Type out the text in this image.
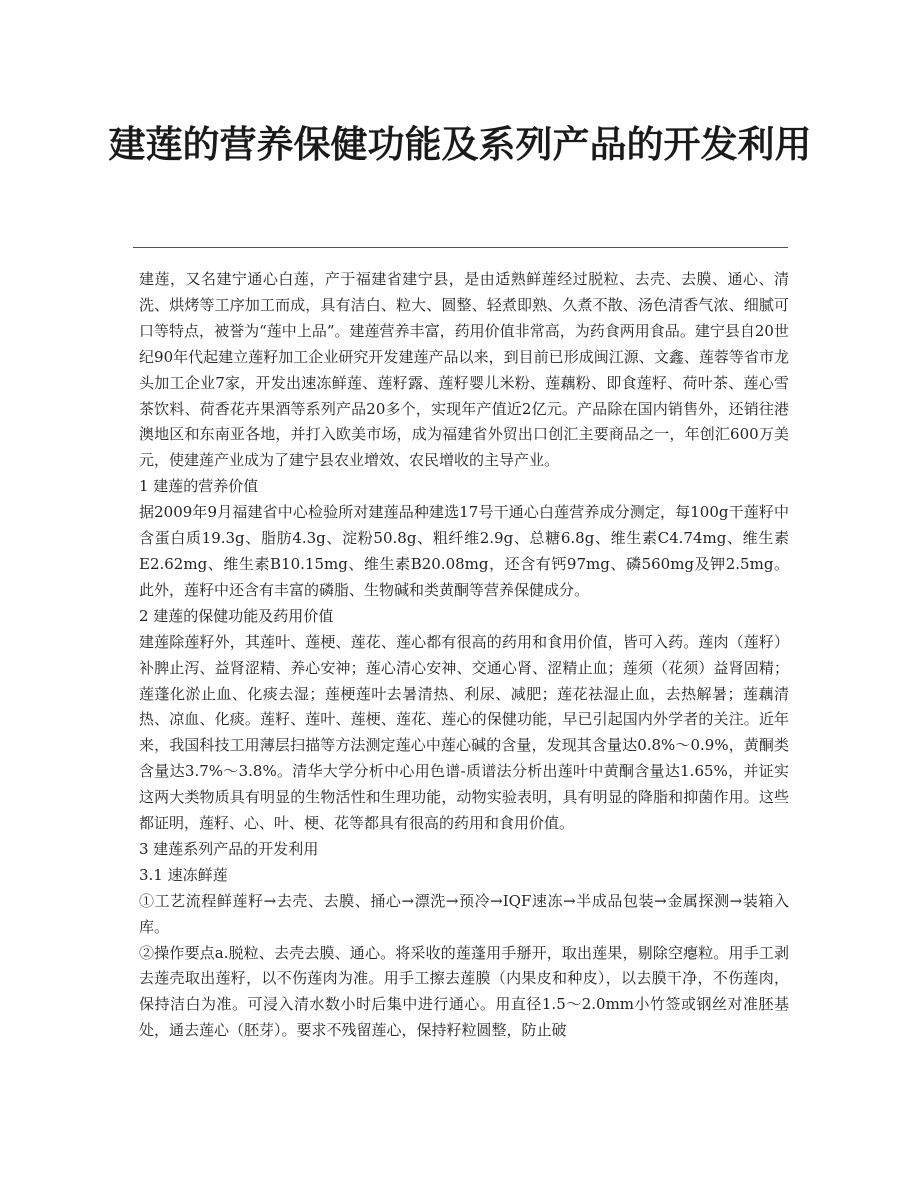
建莲的营养保健功能及系列产品的开发利用

建莲，又名建宁通心白莲，产于福建省建宁县，是由适熟鲜莲经过脱粒、去壳、去膜、通心、清洗、烘烤等工序加工而成，具有洁白、粒大、圆整、轻煮即熟、久煮不散、汤色清香气浓、细腻可口等特点，被誉为“莲中上品”。建莲营养丰富，药用价值非常高，为药食两用食品。建宁县自20世纪90年代起建立莲籽加工企业研究开发建莲产品以来，到目前已形成闽江源、文鑫、莲蓉等省市龙头加工企业7家，开发出速冻鲜莲、莲籽露、莲籽婴儿米粉、莲藕粉、即食莲籽、荷叶茶、莲心雪茶饮料、荷香花卉果酒等系列产品20多个，实现年产值近2亿元。产品除在国内销售外，还销往港澳地区和东南亚各地，并打入欧美市场，成为福建省外贸出口创汇主要商品之一，年创汇600万美元，使建莲产业成为了建宁县农业增效、农民增收的主导产业。

1 建莲的营养价值

据2009年9月福建省中心检验所对建莲品种建选17号干通心白莲营养成分测定，每100g干莲籽中含蛋白质19.3g、脂肪4.3g、淀粉50.8g、粗纤维2.9g、总糖6.8g、维生素C4.74mg、维生素E2.62mg、维生素B10.15mg、维生素B20.08mg，还含有钙97mg、磷560mg及钾2.5mg。此外，莲籽中还含有丰富的磷脂、生物碱和类黄酮等营养保健成分。

2 建莲的保健功能及药用价值

建莲除莲籽外，其莲叶、莲梗、莲花、莲心都有很高的药用和食用价值，皆可入药。莲肉（莲籽）补脾止泻、益肾涩精、养心安神；莲心清心安神、交通心肾、涩精止血；莲须（花须）益肾固精；莲蓬化淤止血、化痰去湿；莲梗莲叶去暑清热、利尿、减肥；莲花祛湿止血，去热解暑；莲藕清热、凉血、化痰。莲籽、莲叶、莲梗、莲花、莲心的保健功能，早已引起国内外学者的关注。近年来，我国科技工用薄层扫描等方法测定莲心中莲心碱的含量，发现其含量达0.8%～0.9%，黄酮类含量达3.7%～3.8%。清华大学分析中心用色谱-质谱法分析出莲叶中黄酮含量达1.65%，并证实这两大类物质具有明显的生物活性和生理功能，动物实验表明，具有明显的降脂和抑菌作用。这些都证明，莲籽、心、叶、梗、花等都具有很高的药用和食用价值。

3 建莲系列产品的开发利用

3.1 速冻鲜莲

①工艺流程鲜莲籽→去壳、去膜、捅心→漂洗→预冷→IQF速冻→半成品包装→金属探测→装箱入库。

②操作要点a.脱粒、去壳去膜、通心。将采收的莲蓬用手掰开，取出莲果，剔除空瘪粒。用手工剥去莲壳取出莲籽，以不伤莲肉为准。用手工擦去莲膜（内果皮和种皮），以去膜干净，不伤莲肉，保持洁白为准。可浸入清水数小时后集中进行通心。用直径1.5～2.0mm小竹签或钢丝对准胚基处，通去莲心（胚芽）。要求不残留莲心，保持籽粒圆整，防止破
